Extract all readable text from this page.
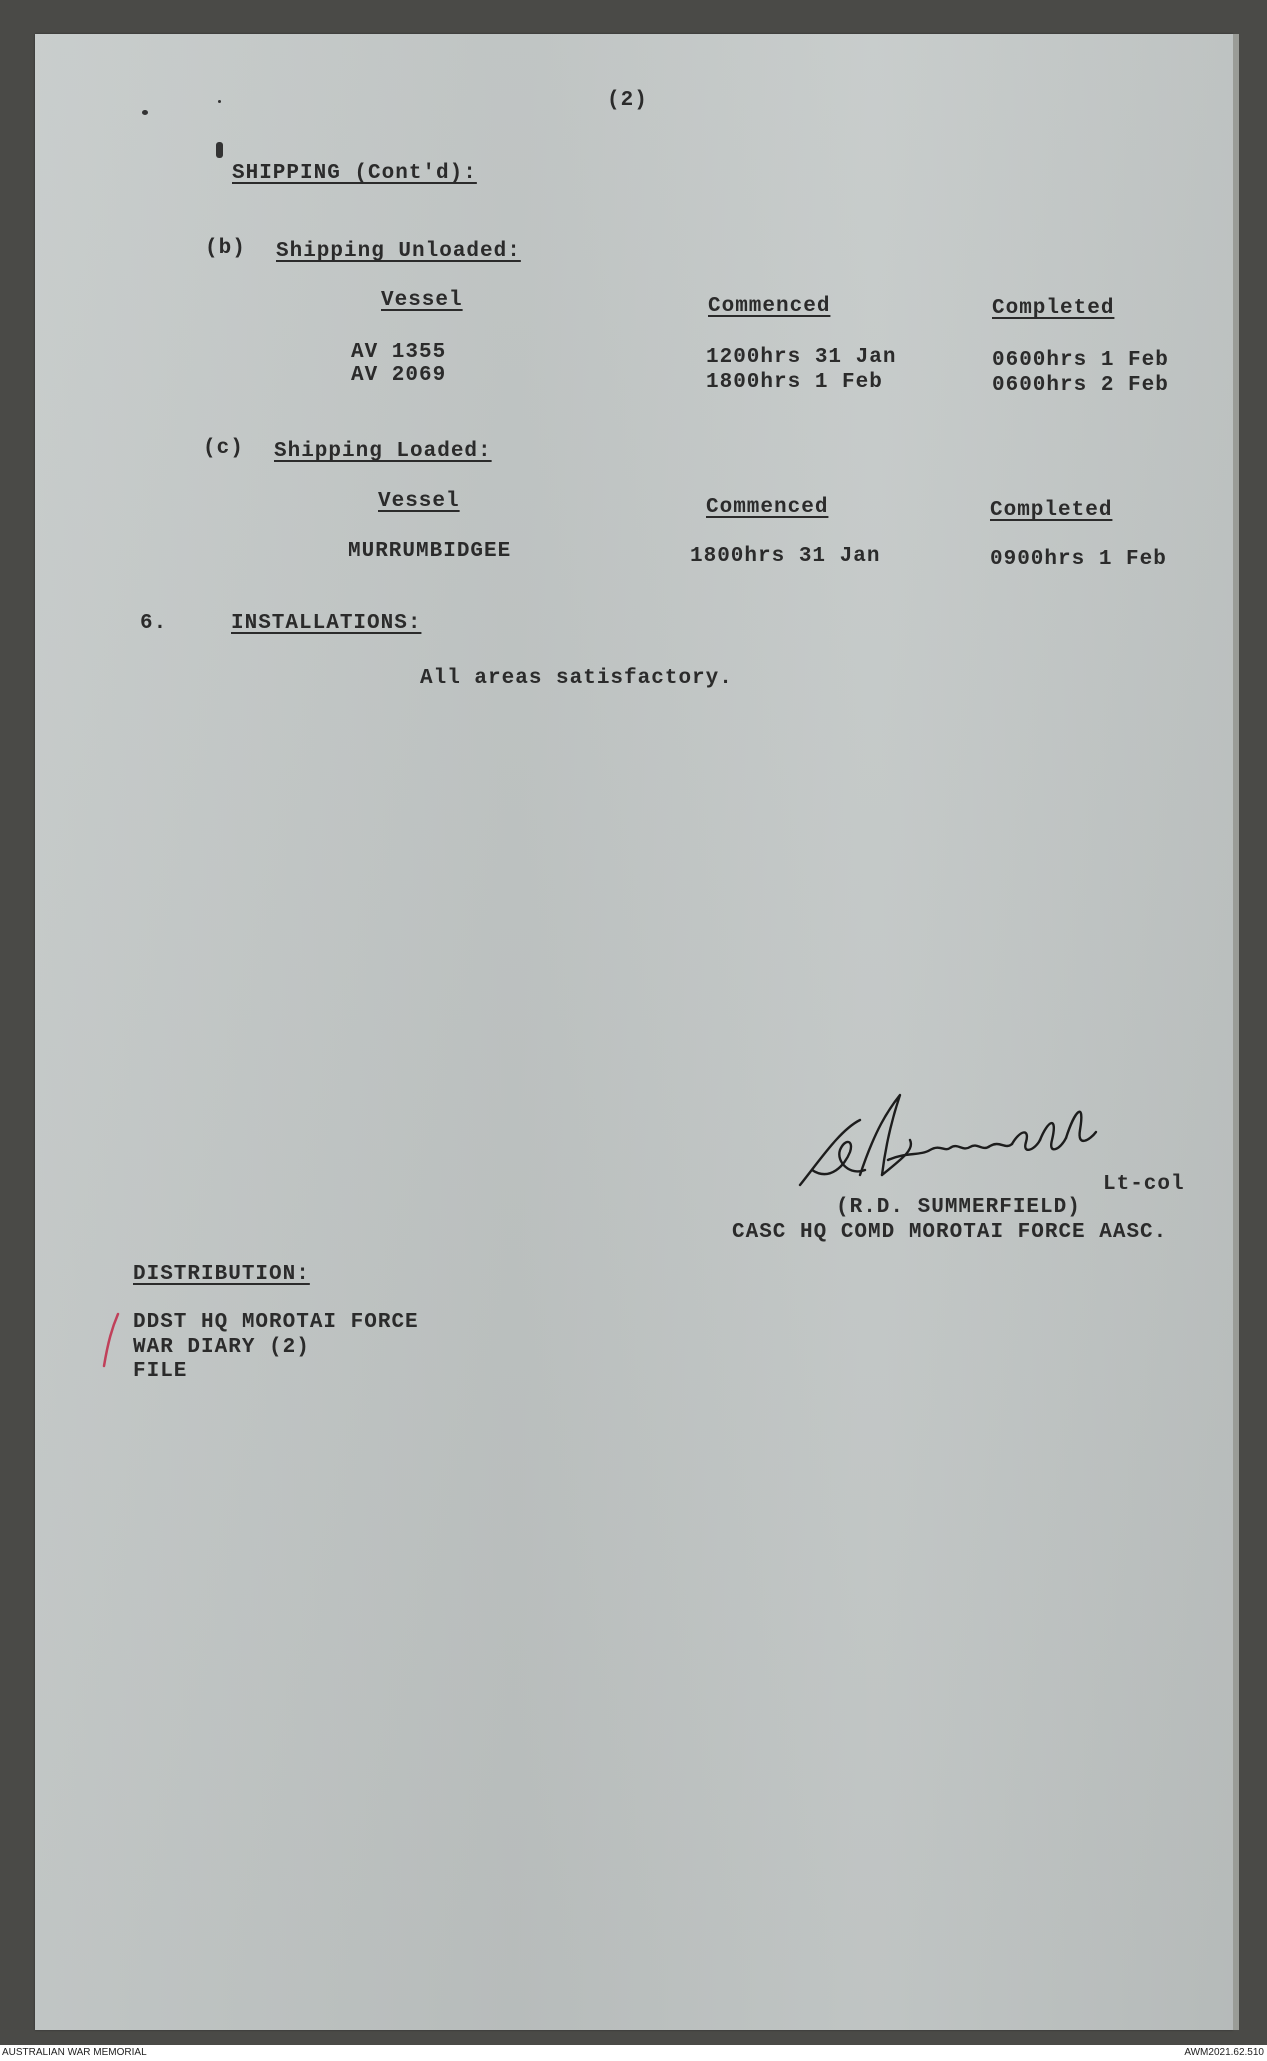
(2)
SHIPPING (Cont'd):
(b) Shipping Unloaded:
Vessel	Commenced	Completed
AV 1355	1200hrs 31 Jan	0600hrs 1 Feb
AV 2069	1800hrs 1 Feb	0600hrs 2 Feb
(c) Shipping Loaded:
Vessel	Commenced	Completed
MURRUMBIDGEE	1800hrs 31 Jan	0900hrs 1 Feb
6.	INSTALLATIONS:
All areas satisfactory.
Lt-col
(R.D. SUMMERFIELD)
CASC HQ COMD MOROTAI FORCE AASC.
DISTRIBUTION:
DDST HQ MOROTAI FORCE
WAR DIARY (2)
FILE
AUSTRALIAN WAR MEMORIAL	AWM2021.62.510
